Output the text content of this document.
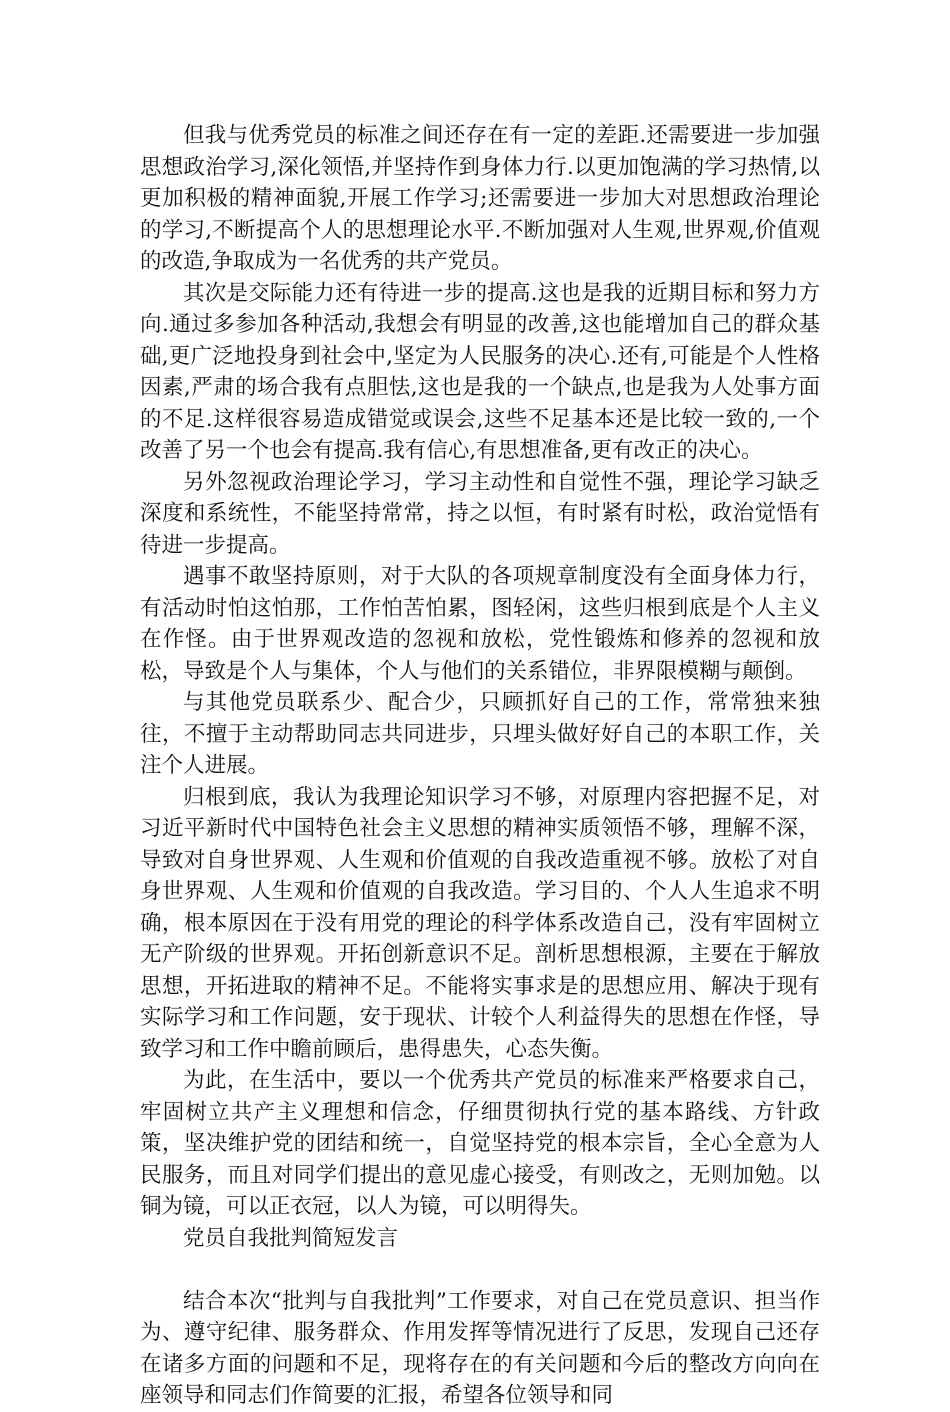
但我与优秀党员的标准之间还存在有一定的差距.还需要进一步加强思想政治学习,深化领悟,并坚持作到身体力行.以更加饱满的学习热情,以更加积极的精神面貌,开展工作学习;还需要进一步加大对思想政治理论的学习,不断提高个人的思想理论水平.不断加强对人生观,世界观,价值观的改造,争取成为一名优秀的共产党员。

其次是交际能力还有待进一步的提高.这也是我的近期目标和努力方向.通过多参加各种活动,我想会有明显的改善,这也能增加自己的群众基础,更广泛地投身到社会中,坚定为人民服务的决心.还有,可能是个人性格因素,严肃的场合我有点胆怯,这也是我的一个缺点,也是我为人处事方面的不足.这样很容易造成错觉或误会,这些不足基本还是比较一致的,一个改善了另一个也会有提高.我有信心,有思想准备,更有改正的决心。

另外忽视政治理论学习，学习主动性和自觉性不强，理论学习缺乏深度和系统性，不能坚持常常，持之以恒，有时紧有时松，政治觉悟有待进一步提高。

遇事不敢坚持原则，对于大队的各项规章制度没有全面身体力行，有活动时怕这怕那，工作怕苦怕累，图轻闲，这些归根到底是个人主义在作怪。由于世界观改造的忽视和放松，党性锻炼和修养的忽视和放松，导致是个人与集体，个人与他们的关系错位，非界限模糊与颠倒。

与其他党员联系少、配合少，只顾抓好自己的工作，常常独来独往，不擅于主动帮助同志共同进步，只埋头做好好自己的本职工作，关注个人进展。

归根到底，我认为我理论知识学习不够，对原理内容把握不足，对习近平新时代中国特色社会主义思想的精神实质领悟不够，理解不深，导致对自身世界观、人生观和价值观的自我改造重视不够。放松了对自身世界观、人生观和价值观的自我改造。学习目的、个人人生追求不明确，根本原因在于没有用党的理论的科学体系改造自己，没有牢固树立无产阶级的世界观。开拓创新意识不足。剖析思想根源，主要在于解放思想，开拓进取的精神不足。不能将实事求是的思想应用、解决于现有实际学习和工作问题，安于现状、计较个人利益得失的思想在作怪，导致学习和工作中瞻前顾后，患得患失，心态失衡。

为此，在生活中，要以一个优秀共产党员的标准来严格要求自己，牢固树立共产主义理想和信念，仔细贯彻执行党的基本路线、方针政策，坚决维护党的团结和统一，自觉坚持党的根本宗旨，全心全意为人民服务，而且对同学们提出的意见虚心接受，有则改之，无则加勉。以铜为镜，可以正衣冠，以人为镜，可以明得失。

党员自我批判简短发言

结合本次“批判与自我批判”工作要求，对自己在党员意识、担当作为、遵守纪律、服务群众、作用发挥等情况进行了反思，发现自己还存在诸多方面的问题和不足，现将存在的有关问题和今后的整改方向向在座领导和同志们作简要的汇报，希望各位领导和同
